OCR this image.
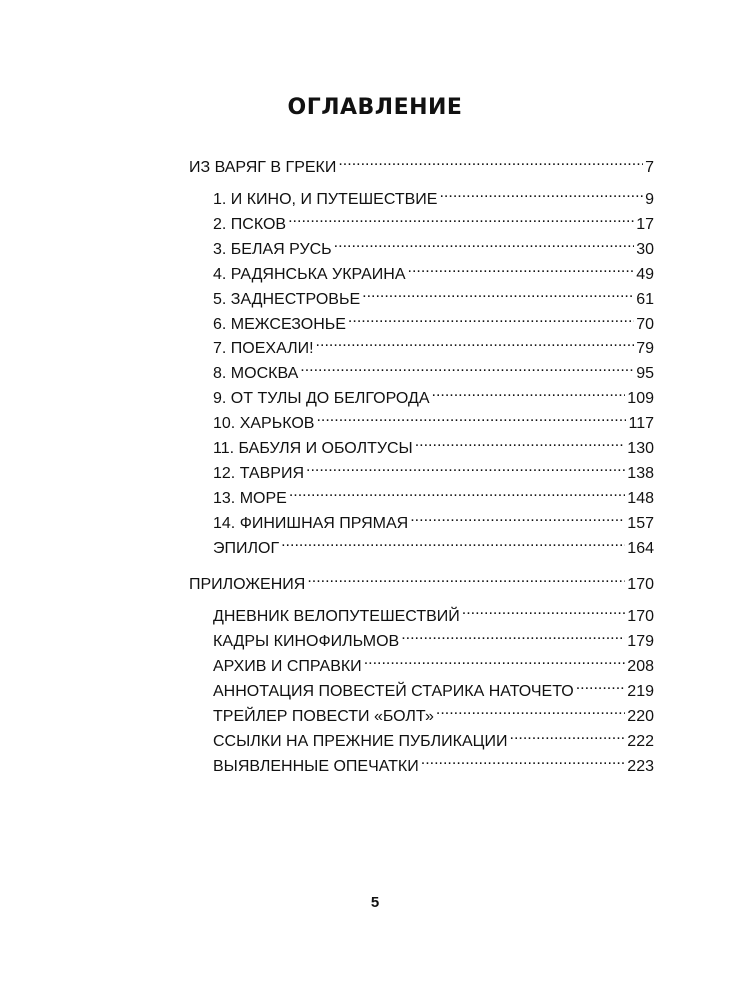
ОГЛАВЛЕНИЕ
ИЗ ВАРЯГ В ГРЕКИ .....	7
1. И КИНО, И ПУТЕШЕСТВИЕ .....	9
2. ПСКОВ .....	17
3. БЕЛАЯ РУСЬ .....	30
4. РАДЯНСЬКА УКРАИНА .....	49
5. ЗАДНЕСТРОВЬЕ .....	61
6. МЕЖСЕЗОНЬЕ .....	70
7. ПОЕХАЛИ! .....	79
8. МОСКВА .....	95
9. ОТ ТУЛЫ ДО БЕЛГОРОДА .....	109
10. ХАРЬКОВ .....	117
11. БАБУЛЯ И ОБОЛТУСЫ .....	130
12. ТАВРИЯ .....	138
13. МОРЕ .....	148
14. ФИНИШНАЯ ПРЯМАЯ .....	157
ЭПИЛОГ .....	164
ПРИЛОЖЕНИЯ .....	170
ДНЕВНИК ВЕЛОПУТЕШЕСТВИЙ .....	170
КАДРЫ КИНОФИЛЬМОВ .....	179
АРХИВ И СПРАВКИ .....	208
АННОТАЦИЯ ПОВЕСТЕЙ СТАРИКА НАТОЧЕТО .....	219
ТРЕЙЛЕР ПОВЕСТИ «БОЛТ» .....	220
ССЫЛКИ НА ПРЕЖНИЕ ПУБЛИКАЦИИ .....	222
ВЫЯВЛЕННЫЕ ОПЕЧАТКИ .....	223
5
